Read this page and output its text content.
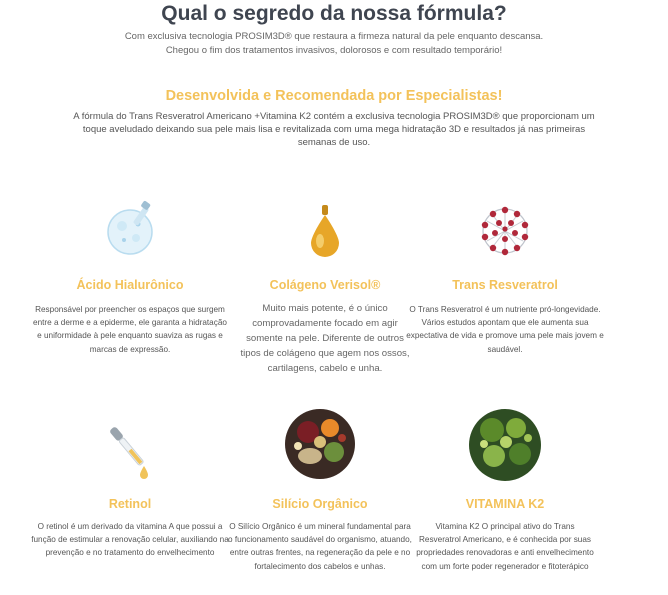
Qual o segredo da nossa fórmula?
Com exclusiva tecnologia PROSIM3D® que restaura a firmeza natural da pele enquanto descansa.
Chegou o fim dos tratamentos invasivos, dolorosos e com resultado temporário!
Desenvolvida e Recomendada por Especialistas!
A fórmula do Trans Resveratrol Americano +Vitamina K2 contém a exclusiva tecnologia PROSIM3D® que proporcionam um toque aveludado deixando sua pele mais lisa e revitalizada com uma mega hidratação 3D e resultados já nas primeiras semanas de uso.
Ácido Hialurônico
Responsável por preencher os espaços que surgem entre a derme e a epiderme, ele garanta a hidratação e uniformidade à pele enquanto suaviza as rugas e marcas de expressão.
Colágeno Verisol®
Muito mais potente, é o único comprovadamente focado em agir somente na pele. Diferente de outros tipos de colágeno que agem nos ossos, cartilagens, cabelo e unha.
Trans Resveratrol
O Trans Resveratrol é um nutriente pró-longevidade. Vários estudos apontam que ele aumenta sua expectativa de vida e promove uma pele mais jovem e saudável.
Retinol
O retinol é um derivado da vitamina A que possui a função de estimular a renovação celular, auxiliando na prevenção e no tratamento do envelhecimento
Silício Orgânico
O Silício Orgânico é um mineral fundamental para o funcionamento saudável do organismo, atuando, entre outras frentes, na regeneração da pele e no fortalecimento dos cabelos e unhas.
VITAMINA K2
Vitamina K2 O principal ativo do Trans Resveratrol Americano, e é conhecida por suas propriedades renovadoras e anti envelhecimento com um forte poder regenerador e fitoterápico
